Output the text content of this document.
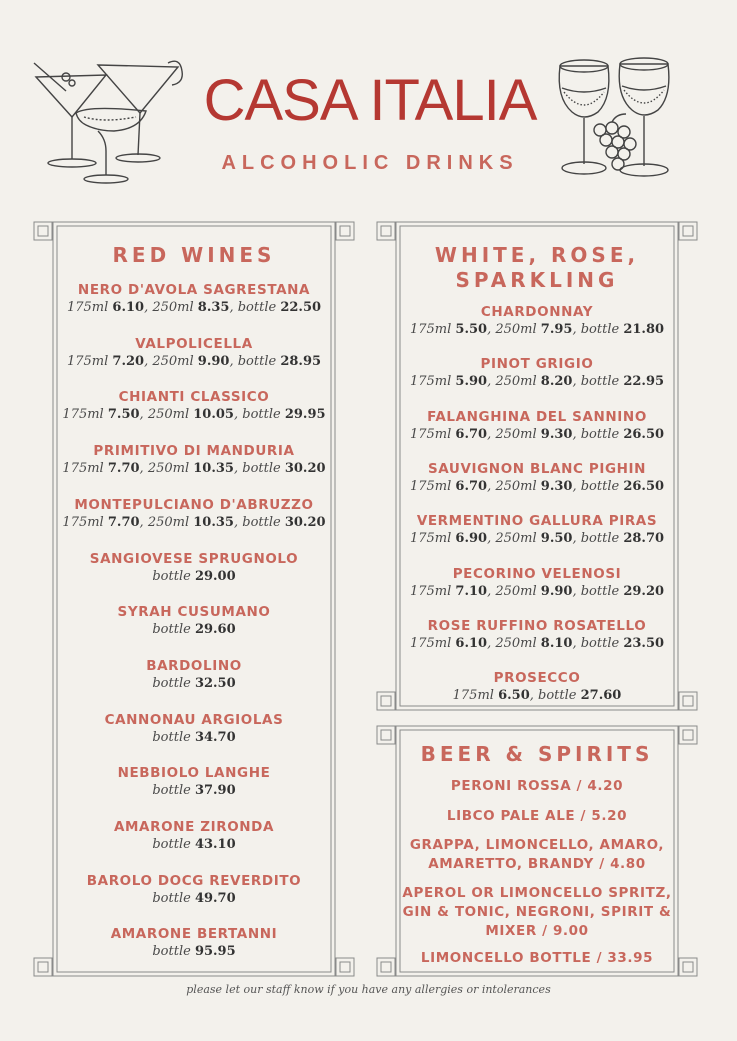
CASA ITALIA
ALCOHOLIC DRINKS
RED WINES
NERO D'AVOLA SAGRESTANA
175ml 6.10, 250ml 8.35, bottle 22.50
VALPOLICELLA
175ml 7.20, 250ml 9.90, bottle 28.95
CHIANTI CLASSICO
175ml 7.50, 250ml 10.05, bottle 29.95
PRIMITIVO DI MANDURIA
175ml 7.70, 250ml 10.35, bottle 30.20
MONTEPULCIANO D'ABRUZZO
175ml 7.70, 250ml 10.35, bottle 30.20
SANGIOVESE SPRUGNOLO
bottle 29.00
SYRAH CUSUMANO
bottle 29.60
BARDOLINO
bottle 32.50
CANNONAU ARGIOLAS
bottle 34.70
NEBBIOLO LANGHE
bottle 37.90
AMARONE ZIRONDA
bottle 43.10
BAROLO DOCG REVERDITO
bottle 49.70
AMARONE BERTANNI
bottle 95.95
WHITE, ROSE,
SPARKLING
CHARDONNAY
175ml 5.50, 250ml 7.95, bottle 21.80
PINOT GRIGIO
175ml 5.90, 250ml 8.20, bottle 22.95
FALANGHINA DEL SANNINO
175ml 6.70, 250ml 9.30, bottle 26.50
SAUVIGNON BLANC PIGHIN
175ml 6.70, 250ml 9.30, bottle 26.50
VERMENTINO GALLURA PIRAS
175ml 6.90, 250ml 9.50, bottle 28.70
PECORINO VELENOSI
175ml 7.10, 250ml 9.90, bottle 29.20
ROSE RUFFINO ROSATELLO
175ml 6.10, 250ml 8.10, bottle 23.50
PROSECCO
175ml 6.50, bottle 27.60
BEER & SPIRITS
PERONI ROSSA / 4.20
LIBCO PALE ALE / 5.20
GRAPPA, LIMONCELLO, AMARO,
AMARETTO, BRANDY / 4.80
APEROL OR LIMONCELLO SPRITZ,
GIN & TONIC, NEGRONI, SPIRIT &
MIXER / 9.00
LIMONCELLO BOTTLE / 33.95
please let our staff know if you have any allergies or intolerances
